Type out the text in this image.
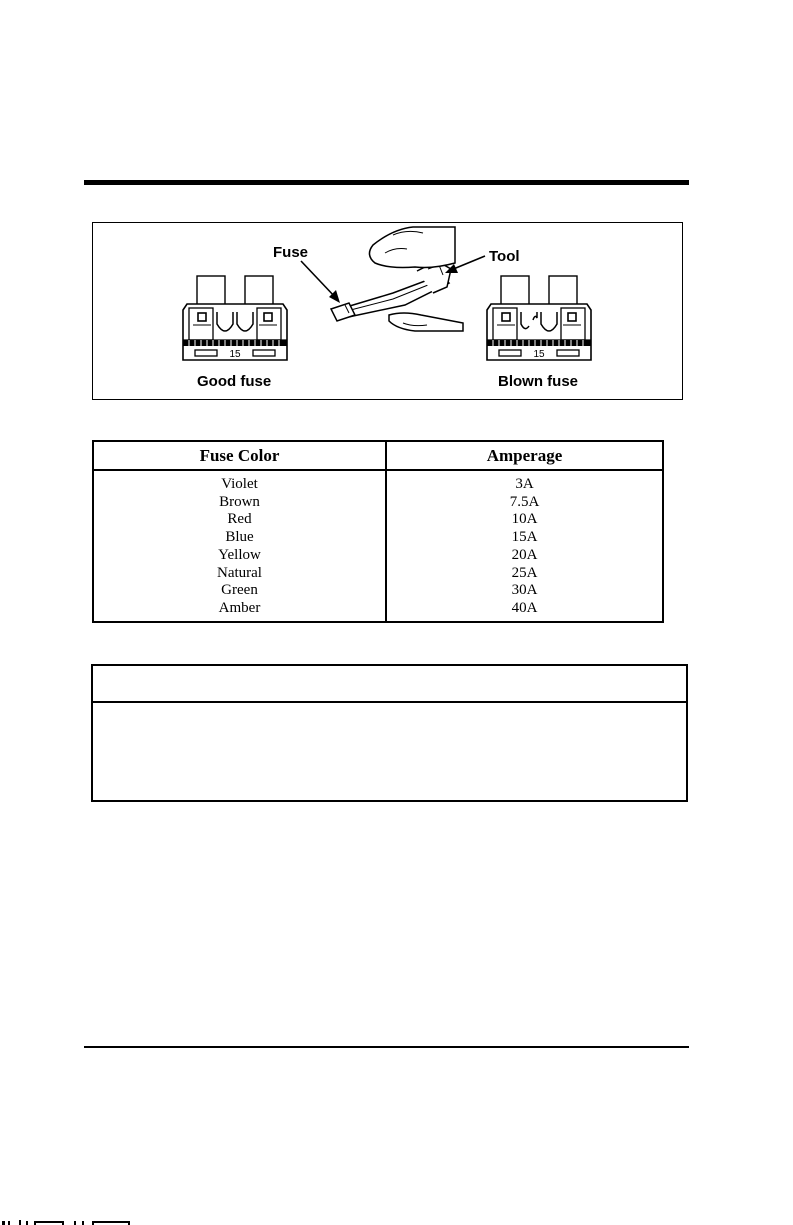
15	15
Fuse	Tool
Good fuse	Blown fuse
Fuse Color	Amperage
Violet	3A
Brown	7.5A
Red	10A
Blue	15A
Yellow	20A
Natural	25A
Green	30A
Amber	40A
